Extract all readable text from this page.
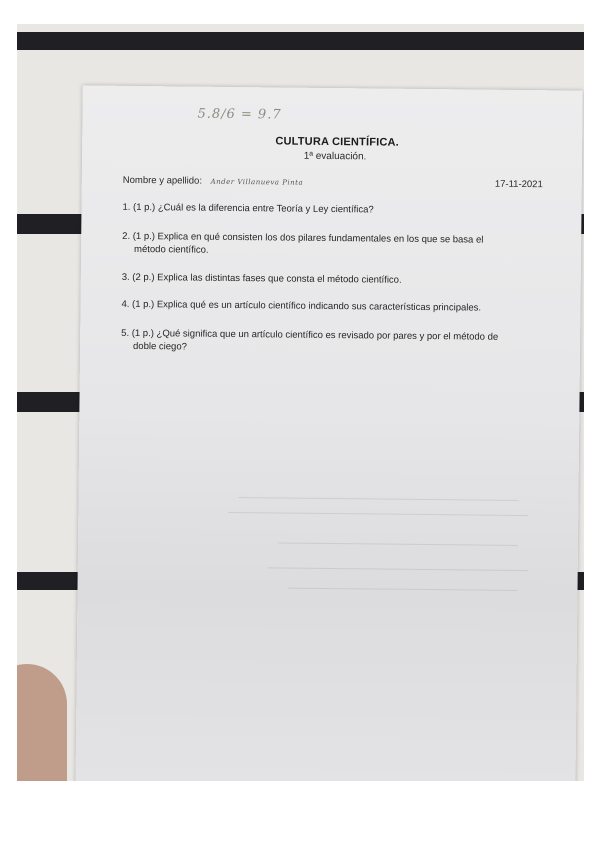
5.8/6 = 9.7
CULTURA CIENTÍFICA.
1ª evaluación.
Nombre y apellido: Ander Villanueva Pinta	17-11-2021
1. (1 p.) ¿Cuál es la diferencia entre Teoría y Ley científica?
2. (1 p.) Explica en qué consisten los dos pilares fundamentales en los que se basa el
método científico.
3. (2 p.) Explica las distintas fases que consta el método científico.
4. (1 p.) Explica qué es un artículo científico indicando sus características principales.
5. (1 p.) ¿Qué significa que un artículo científico es revisado por pares y por el método de
doble ciego?
